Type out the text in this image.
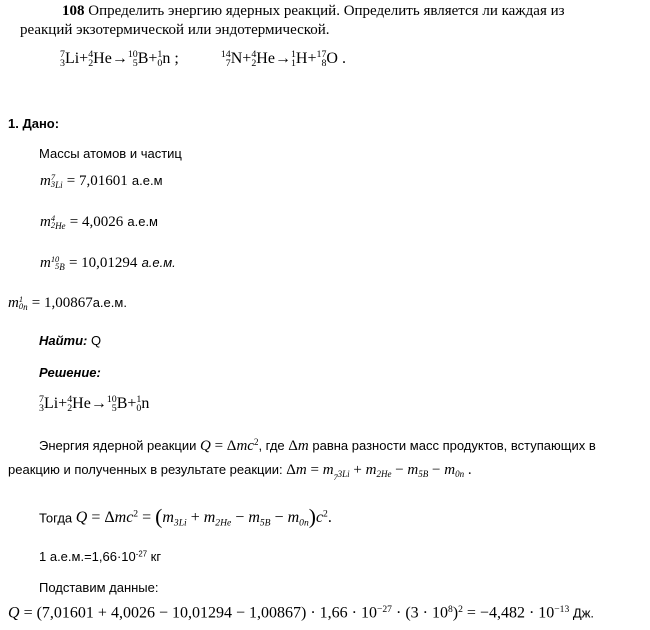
108 Определить энергию ядерных реакций. Определить является ли каждая из
реакций экзотермической или эндотермической.
7
3 Li+ 4
2 He→ 10
5 B+ 1
0 n ;	14
7 N+ 4
2 He→ 1
1 H+ 17
8 O .
1. Дано:
Массы атомов и частиц
m 7
3 $_{Li}$ = 7,01601 а.е.м
m 4
2 $_{He}$ = 4,0026 а.е.м
m 10
5 $_B$ = 10,01294 а.е.м.
m 1
0 $_n$ = 1,00867а.е.м.
Найти: Q
Решение:
7
3 Li+ 4
2 He→ 10
5 B+ 1
0 n
Энергия ядерной реакции Q = Δmc$^2$, где Δm равна разности масс продуктов, вступающих в
реакцию и полученных в результате реакции: $\Delta m = m_{_73Li} + m_{2He} - m_{5B} - m_{0n}$ .
Тогда $Q = \Delta mc^2 = (m_{3Li} + m_{2He} - m_{5B} - m_{0n})c^2$.
1 $а.е.м.=1,66\cdot 10^{-27}$ кг
Подставим данные:
$Q = (7,01601 + 4,0026 - 10,01294 - 1,00867) \cdot 1,66 \cdot 10^{-27} \cdot (3 \cdot 10^8)^2 = -4,482 \cdot 10^{-13}$ Дж.
